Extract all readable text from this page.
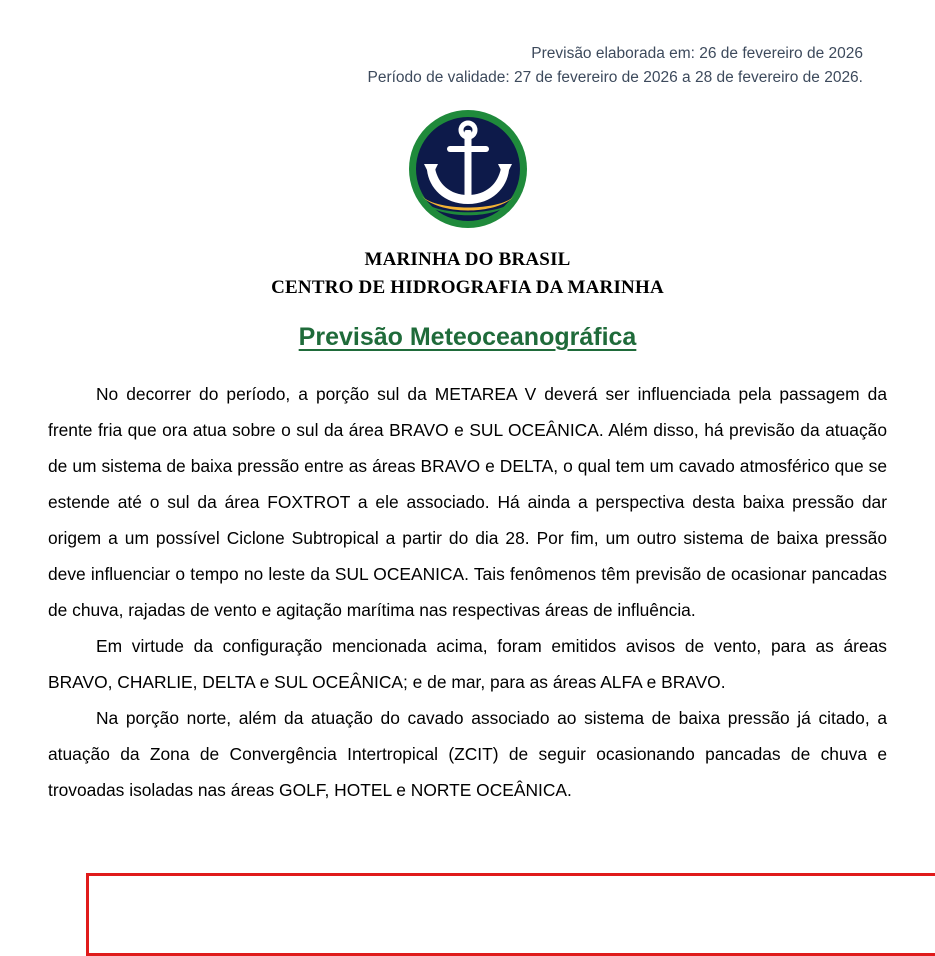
Previsão elaborada em: 26 de fevereiro de 2026
Período de validade: 27 de fevereiro de 2026 a 28 de fevereiro de 2026.
MARINHA DO BRASIL
CENTRO DE HIDROGRAFIA DA MARINHA
Previsão Meteoceanográfica

No decorrer do período, a porção sul da METAREA V deverá ser influenciada pela passagem da frente fria que ora atua sobre o sul da área BRAVO e SUL OCEÂNICA. Além disso, há previsão da atuação de um sistema de baixa pressão entre as áreas BRAVO e DELTA, o qual tem um cavado atmosférico que se estende até o sul da área FOXTROT a ele associado. Há ainda a perspectiva desta baixa pressão dar origem a um possível Ciclone Subtropical a partir do dia 28. Por fim, um outro sistema de baixa pressão deve influenciar o tempo no leste da SUL OCEANICA. Tais fenômenos têm previsão de ocasionar pancadas de chuva, rajadas de vento e agitação marítima nas respectivas áreas de influência.

Em virtude da configuração mencionada acima, foram emitidos avisos de vento, para as áreas BRAVO, CHARLIE, DELTA e SUL OCEÂNICA; e de mar, para as áreas ALFA e BRAVO.

Na porção norte, além da atuação do cavado associado ao sistema de baixa pressão já citado, a atuação da Zona de Convergência Intertropical (ZCIT) de seguir ocasionando pancadas de chuva e trovoadas isoladas nas áreas GOLF, HOTEL e NORTE OCEÂNICA.
